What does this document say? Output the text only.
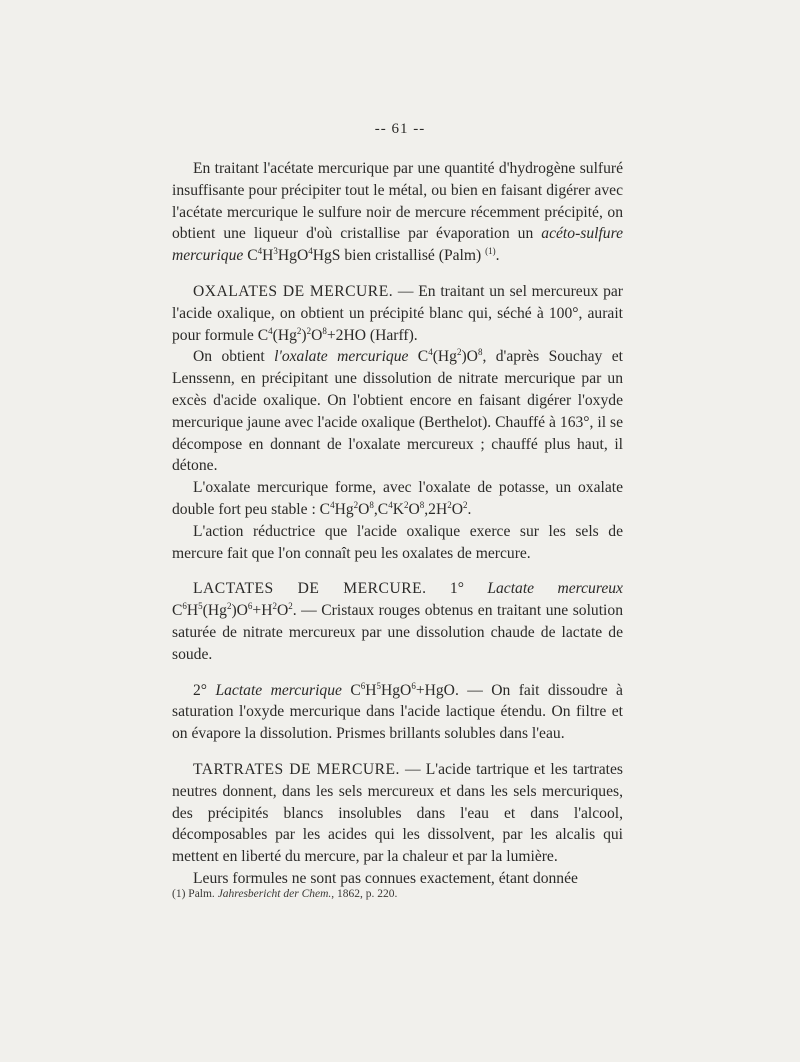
-- 61 --

En traitant l'acétate mercurique par une quantité d'hydrogène sulfuré insuffisante pour précipiter tout le métal, ou bien en faisant digérer avec l'acétate mercurique le sulfure noir de mercure récemment précipité, on obtient une liqueur d'où cristallise par évaporation un acéto-sulfure mercurique $C^4H^3HgO^4HgS$ bien cristallisé (Palm) $^{(1)}$.

OXALATES DE MERCURE. — En traitant un sel mercureux par l'acide oxalique, on obtient un précipité blanc qui, séché à 100°, aurait pour formule $C^4(Hg^2)^2O^8+2HO$ (Harff).

On obtient l'oxalate mercurique $C^4(Hg^2)O^8$, d'après Souchay et Lenssenn, en précipitant une dissolution de nitrate mercurique par un excès d'acide oxalique. On l'obtient encore en faisant digérer l'oxyde mercurique jaune avec l'acide oxalique (Berthelot). Chauffé à 163°, il se décompose en donnant de l'oxalate mercureux ; chauffé plus haut, il détone.

L'oxalate mercurique forme, avec l'oxalate de potasse, un oxalate double fort peu stable : $C^4Hg^2O^8,C^4K^2O^8,2H^2O^2$.

L'action réductrice que l'acide oxalique exerce sur les sels de mercure fait que l'on connaît peu les oxalates de mercure.

LACTATES DE MERCURE. 1° Lactate mercureux $C^6H^5(Hg^2)O^6+H^2O^2$. — Cristaux rouges obtenus en traitant une solution saturée de nitrate mercureux par une dissolution chaude de lactate de soude.

2° Lactate mercurique $C^6H^5HgO^6+HgO$. — On fait dissoudre à saturation l'oxyde mercurique dans l'acide lactique étendu. On filtre et on évapore la dissolution. Prismes brillants solubles dans l'eau.

TARTRATES DE MERCURE. — L'acide tartrique et les tartrates neutres donnent, dans les sels mercureux et dans les sels mercuriques, des précipités blancs insolubles dans l'eau et dans l'alcool, décomposables par les acides qui les dissolvent, par les alcalis qui mettent en liberté du mercure, par la chaleur et par la lumière.

Leurs formules ne sont pas connues exactement, étant donnée

(1) Palm. Jahresbericht der Chem., 1862, p. 220.
